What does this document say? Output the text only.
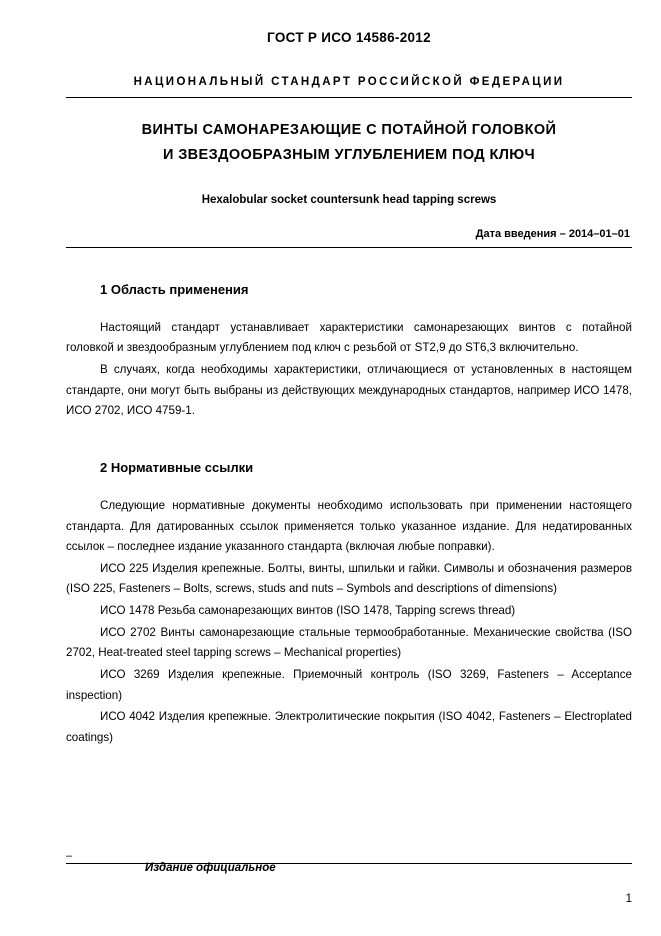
ГОСТ Р ИСО 14586-2012
НАЦИОНАЛЬНЫЙ СТАНДАРТ РОССИЙСКОЙ ФЕДЕРАЦИИ
ВИНТЫ САМОНАРЕЗАЮЩИЕ С ПОТАЙНОЙ ГОЛОВКОЙ
И ЗВЕЗДООБРАЗНЫМ УГЛУБЛЕНИЕМ ПОД КЛЮЧ
Hexalobular socket countersunk head tapping screws
Дата введения – 2014–01–01
1 Область применения

Настоящий стандарт устанавливает характеристики самонарезающих винтов с потайной головкой и звездообразным углублением под ключ с резьбой от ST2,9 до ST6,3 включительно.

В случаях, когда необходимы характеристики, отличающиеся от установленных в настоящем стандарте, они могут быть выбраны из действующих международных стандартов, например ИСО 1478, ИСО 2702, ИСО 4759-1.

2 Нормативные ссылки

Следующие нормативные документы необходимо использовать при применении настоящего стандарта. Для датированных ссылок применяется только указанное издание. Для недатированных ссылок – последнее издание указанного стандарта (включая любые поправки).

ИСО 225 Изделия крепежные. Болты, винты, шпильки и гайки. Символы и обозначения размеров (ISO 225, Fasteners – Bolts, screws, studs and nuts – Symbols and descriptions of dimensions)

ИСО 1478 Резьба самонарезающих винтов (ISO 1478, Tapping screws thread)

ИСО 2702 Винты самонарезающие стальные термообработанные. Механические свойства (ISO 2702, Heat-treated steel tapping screws – Mechanical properties)

ИСО 3269 Изделия крепежные. Приемочный контроль (ISO 3269, Fasteners – Acceptance inspection)

ИСО 4042 Изделия крепежные. Электролитические покрытия (ISO 4042, Fasteners – Electroplated coatings)

–
Издание официальное
1
